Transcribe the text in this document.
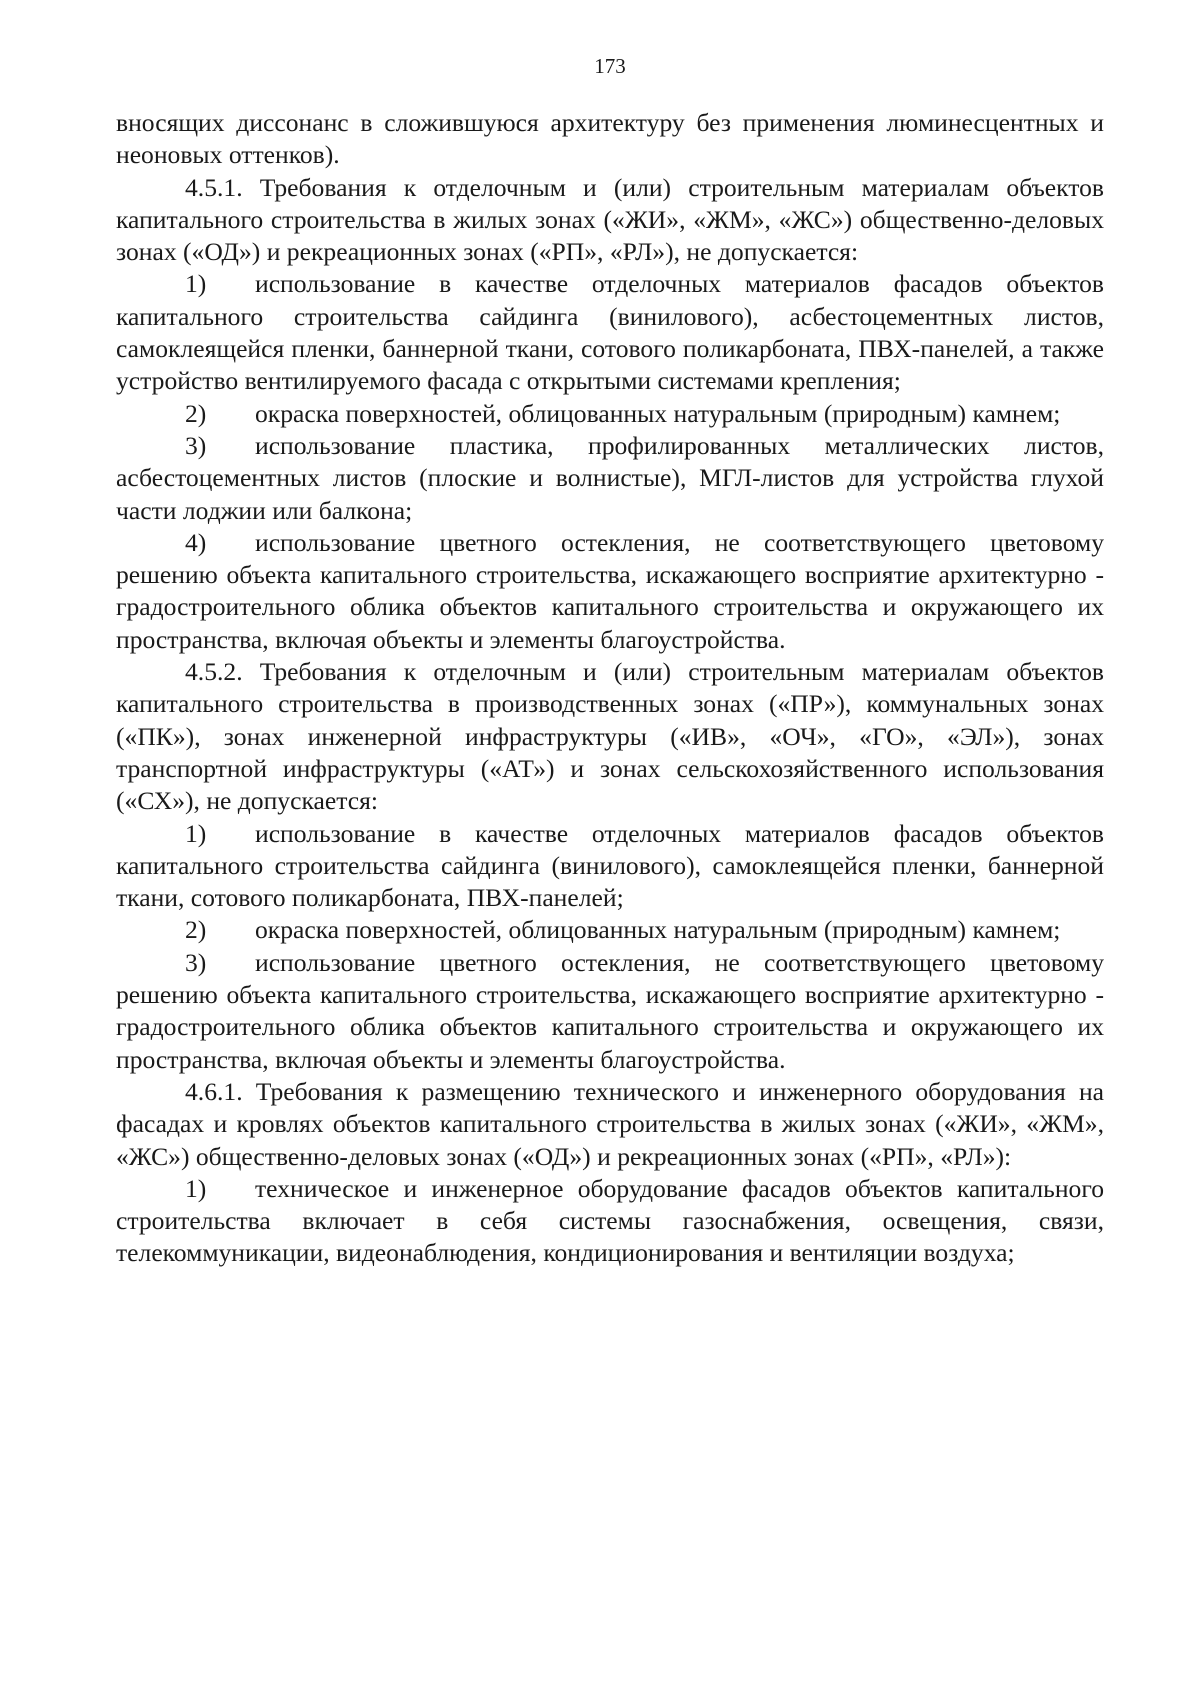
173

вносящих диссонанс в сложившуюся архитектуру без применения люминесцентных и неоновых оттенков).

4.5.1. Требования к отделочным и (или) строительным материалам объектов капитального строительства в жилых зонах («ЖИ», «ЖМ», «ЖС») общественно-деловых зонах («ОД») и рекреационных зонах («РП», «РЛ»), не допускается:

1) использование в качестве отделочных материалов фасадов объектов капитального строительства сайдинга (винилового), асбестоцементных листов, самоклеящейся пленки, баннерной ткани, сотового поликарбоната, ПВХ-панелей, а также устройство вентилируемого фасада с открытыми системами крепления;

2) окраска поверхностей, облицованных натуральным (природным) камнем;

3) использование пластика, профилированных металлических листов, асбестоцементных листов (плоские и волнистые), МГЛ-листов для устройства глухой части лоджии или балкона;

4) использование цветного остекления, не соответствующего цветовому решению объекта капитального строительства, искажающего восприятие архитектурно - градостроительного облика объектов капитального строительства и окружающего их пространства, включая объекты и элементы благоустройства.

4.5.2. Требования к отделочным и (или) строительным материалам объектов капитального строительства в производственных зонах («ПР»), коммунальных зонах («ПК»), зонах инженерной инфраструктуры («ИВ», «ОЧ», «ГО», «ЭЛ»), зонах транспортной инфраструктуры («АТ») и зонах сельскохозяйственного использования («СХ»), не допускается:

1) использование в качестве отделочных материалов фасадов объектов капитального строительства сайдинга (винилового), самоклеящейся пленки, баннерной ткани, сотового поликарбоната, ПВХ-панелей;

2) окраска поверхностей, облицованных натуральным (природным) камнем;

3) использование цветного остекления, не соответствующего цветовому решению объекта капитального строительства, искажающего восприятие архитектурно - градостроительного облика объектов капитального строительства и окружающего их пространства, включая объекты и элементы благоустройства.

4.6.1. Требования к размещению технического и инженерного оборудования на фасадах и кровлях объектов капитального строительства в жилых зонах («ЖИ», «ЖМ», «ЖС») общественно-деловых зонах («ОД») и рекреационных зонах («РП», «РЛ»):

1) техническое и инженерное оборудование фасадов объектов капитального строительства включает в себя системы газоснабжения, освещения, связи, телекоммуникации, видеонаблюдения, кондиционирования и вентиляции воздуха;
